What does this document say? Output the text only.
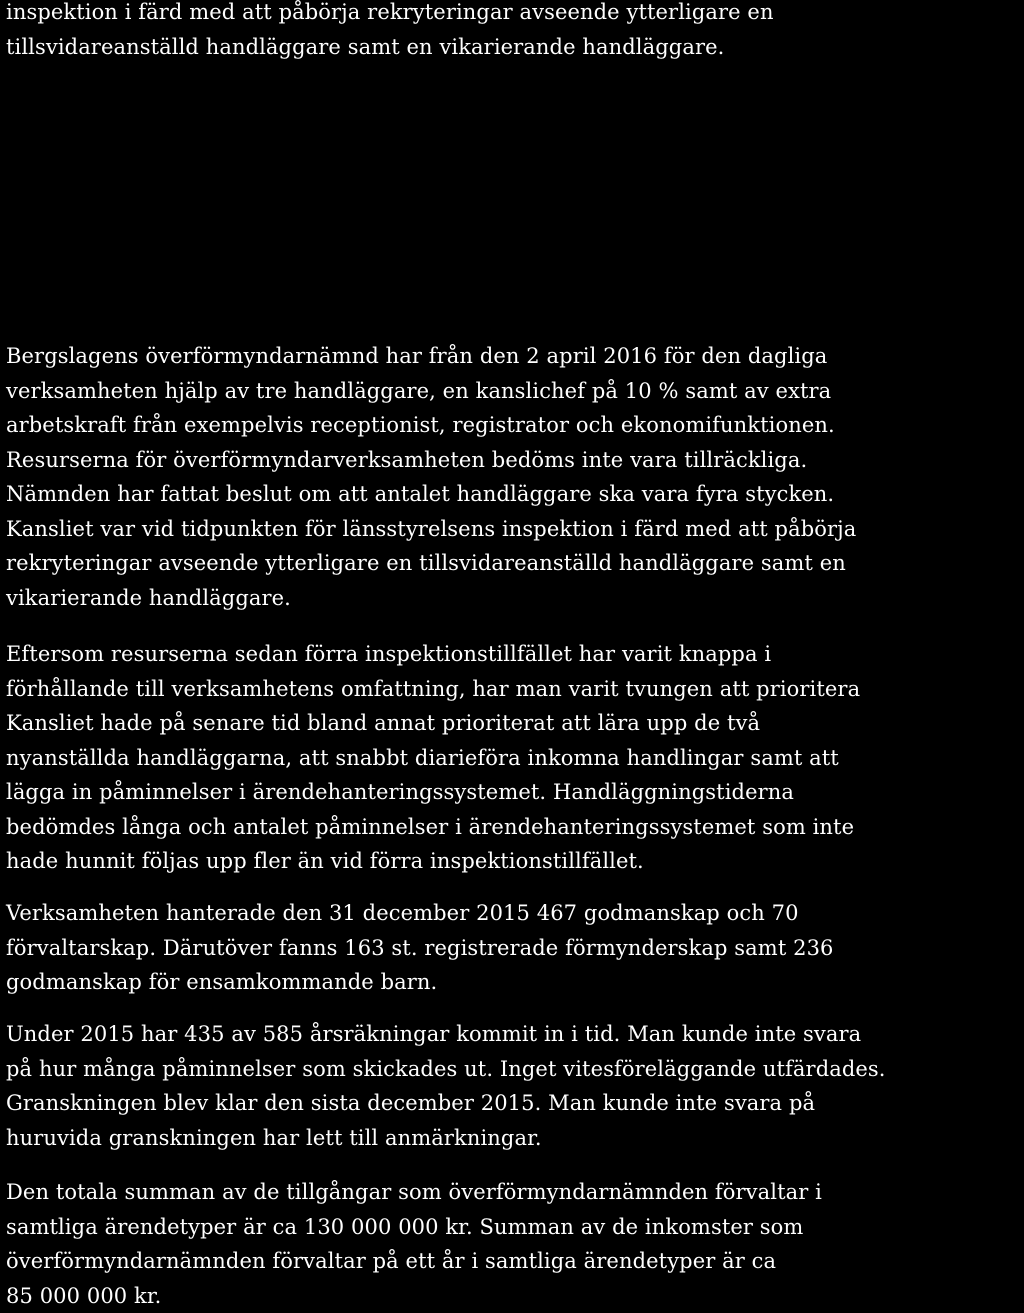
inspektion i färd med att påbörja rekryteringar avseende ytterligare en
tillsvidareanställd handläggare samt en vikarierande handläggare.

Bergslagens överförmyndarnämnd har från den 2 april 2016 för den dagliga
verksamheten hjälp av tre handläggare, en kanslichef på 10 % samt av extra
arbetskraft från exempelvis receptionist, registrator och ekonomifunktionen.
Resurserna för överförmyndarverksamheten bedöms inte vara tillräckliga.
Nämnden har fattat beslut om att antalet handläggare ska vara fyra stycken.
Kansliet var vid tidpunkten för länsstyrelsens inspektion i färd med att påbörja
rekryteringar avseende ytterligare en tillsvidareanställd handläggare samt en
vikarierande handläggare.

Eftersom resurserna sedan förra inspektionstillfället har varit knappa i
förhållande till verksamhetens omfattning, har man varit tvungen att prioritera
Kansliet hade på senare tid bland annat prioriterat att lära upp de två
nyanställda handläggarna, att snabbt diarieföra inkomna handlingar samt att
lägga in påminnelser i ärendehanteringssystemet. Handläggningstiderna
bedömdes långa och antalet påminnelser i ärendehanteringssystemet som inte
hade hunnit följas upp fler än vid förra inspektionstillfället.

Verksamheten hanterade den 31 december 2015 467 godmanskap och 70
förvaltarskap. Därutöver fanns 163 st. registrerade förmynderskap samt 236
godmanskap för ensamkommande barn.

Under 2015 har 435 av 585 årsräkningar kommit in i tid. Man kunde inte svara
på hur många påminnelser som skickades ut. Inget vitesföreläggande utfärdades.
Granskningen blev klar den sista december 2015. Man kunde inte svara på
huruvida granskningen har lett till anmärkningar.

Den totala summan av de tillgångar som överförmyndarnämnden förvaltar i
samtliga ärendetyper är ca 130 000 000 kr. Summan av de inkomster som
överförmyndarnämnden förvaltar på ett år i samtliga ärendetyper är ca
85 000 000 kr.
